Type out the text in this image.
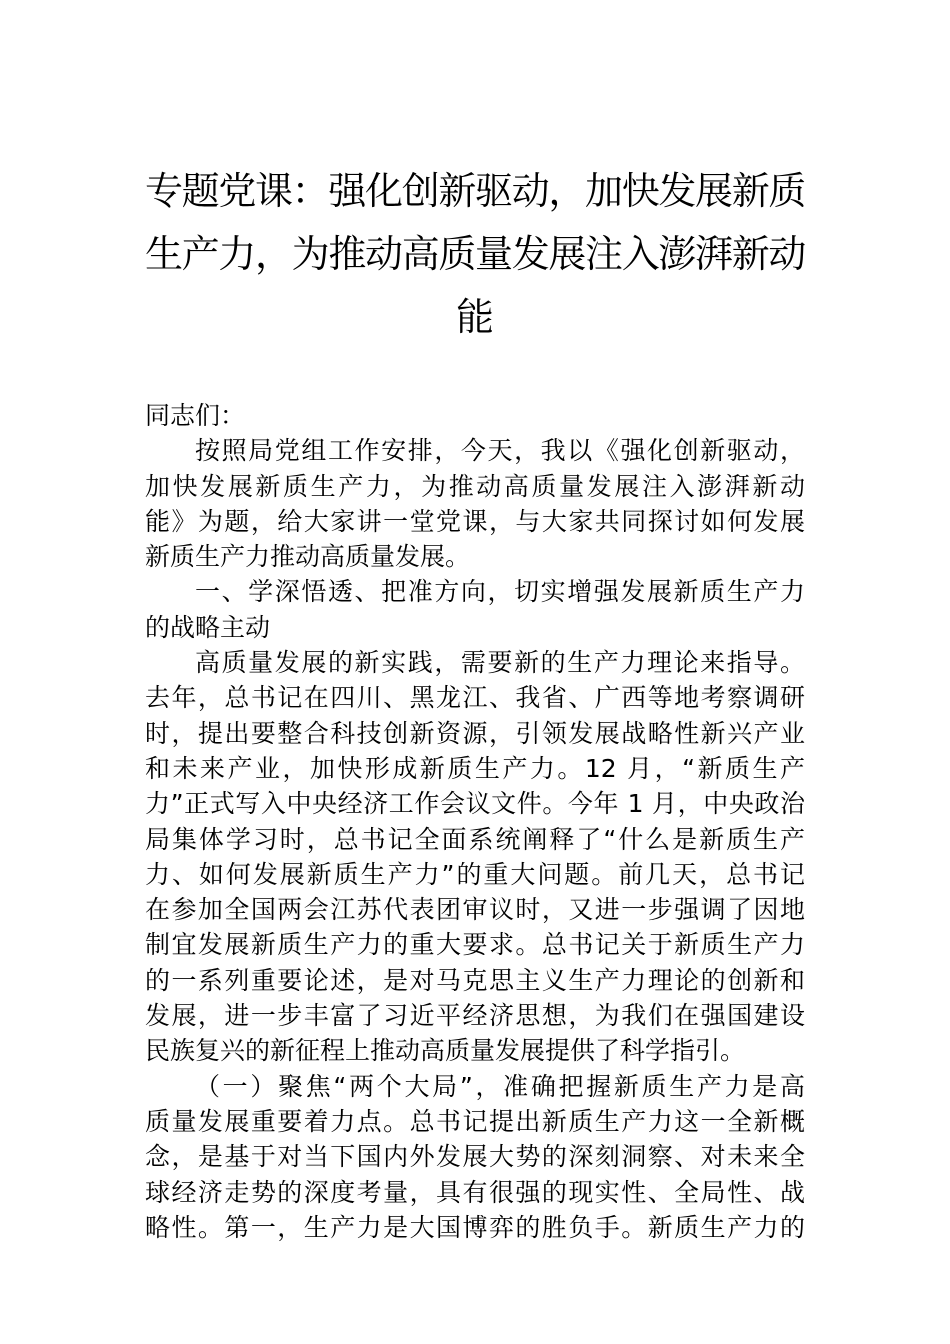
专题党课：强化创新驱动，加快发展新质
生产力，为推动高质量发展注入澎湃新动
能
同志们：
按照局党组工作安排，今天，我以《强化创新驱动，
加快发展新质生产力，为推动高质量发展注入澎湃新动
能》为题，给大家讲一堂党课，与大家共同探讨如何发展
新质生产力推动高质量发展。
一、学深悟透、把准方向，切实增强发展新质生产力
的战略主动
高质量发展的新实践，需要新的生产力理论来指导。
去年，总书记在四川、黑龙江、我省、广西等地考察调研
时，提出要整合科技创新资源，引领发展战略性新兴产业
和未来产业，加快形成新质生产力。12 月，“新质生产
力”正式写入中央经济工作会议文件。今年 1 月，中央政治
局集体学习时，总书记全面系统阐释了“什么是新质生产
力、如何发展新质生产力”的重大问题。前几天，总书记
在参加全国两会江苏代表团审议时，又进一步强调了因地
制宜发展新质生产力的重大要求。总书记关于新质生产力
的一系列重要论述，是对马克思主义生产力理论的创新和
发展，进一步丰富了习近平经济思想，为我们在强国建设
民族复兴的新征程上推动高质量发展提供了科学指引。
（一）聚焦“两个大局”，准确把握新质生产力是高
质量发展重要着力点。总书记提出新质生产力这一全新概
念，是基于对当下国内外发展大势的深刻洞察、对未来全
球经济走势的深度考量，具有很强的现实性、全局性、战
略性。第一，生产力是大国博弈的胜负手。新质生产力的
